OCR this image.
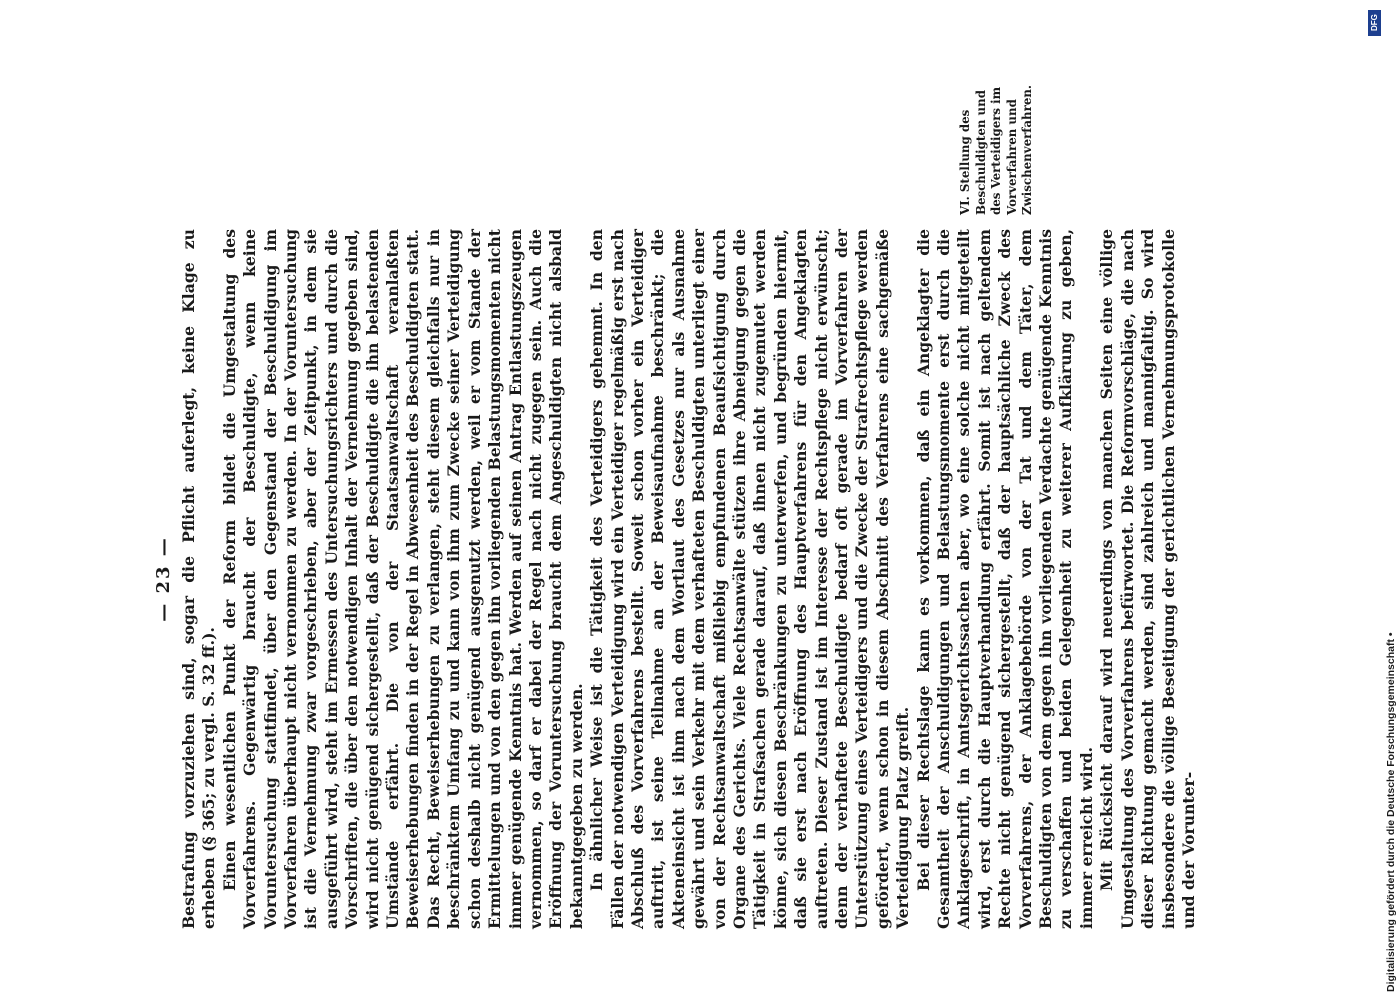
— 23 — Bestrafung vorzuziehen sind, sogar die Pflicht auferlegt, keine Klage zu erheben (§ 365; zu vergl. S. 32 ff.). Einen wesentlichen Punkt der Reform bildet die Umgestaltung des Vorverfahrens. Gegenwärtig braucht der Beschuldigte, wenn keine Voruntersuchung stattfindet, über den Gegenstand der Beschuldigung im Vorverfahren überhaupt nicht vernommen zu werden. In der Voruntersuchung ist die Vernehmung zwar vorgeschrieben, aber der Zeitpunkt, in dem sie ausgeführt wird, steht im Ermessen des Untersuchungsrichters und durch die Vorschriften, die über den notwendigen Inhalt der Vernehmung gegeben sind, wird nicht genügend sichergestellt, daß der Beschuldigte die ihn belastenden Umstände erfährt. Die von der Staatsanwaltschaft veranlaßten Beweiserhebungen finden in der Regel in Abwesenheit des Beschuldigten statt. Das Recht, Beweiserhebungen zu verlangen, steht diesem gleichfalls nur in beschränktem Umfang zu und kann von ihm zum Zwecke seiner Verteidigung schon deshalb nicht genügend ausgenutzt werden, weil er vom Stande der Ermittelungen und von den gegen ihn vorliegenden Belastungsmomenten nicht immer genügende Kenntnis hat. Werden auf seinen Antrag Entlastungszeugen vernommen, so darf er dabei der Regel nach nicht zugegen sein. Auch die Eröffnung der Voruntersuchung braucht dem Angeschuldigten nicht alsbald bekanntgegeben zu werden. In ähnlicher Weise ist die Tätigkeit des Verteidigers gehemmt. In den Fällen der notwendigen Verteidigung wird ein Verteidiger regelmäßig erst nach Abschluß des Vorverfahrens bestellt. Soweit schon vorher ein Verteidiger auftritt, ist seine Teilnahme an der Beweisaufnahme beschränkt; die Akteneinsicht ist ihm nach dem Wortlaut des Gesetzes nur als Ausnahme gewährt und sein Verkehr mit dem verhafteten Beschuldigten unterliegt einer von der Rechtsanwaltschaft mißliebig empfundenen Beaufsichtigung durch Organe des Gerichts. Viele Rechtsanwälte stützen ihre Abneigung gegen die Tätigkeit in Strafsachen gerade darauf, daß ihnen nicht zugemutet werden könne, sich diesen Beschränkungen zu unterwerfen, und begründen hiermit, daß sie erst nach Eröffnung des Hauptverfahrens für den Angeklagten auftreten. Dieser Zustand ist im Interesse der Rechtspflege nicht erwünscht; denn der verhaftete Beschuldigte bedarf oft gerade im Vorverfahren der Unterstützung eines Verteidigers und die Zwecke der Strafrechtspflege werden gefördert, wenn schon in diesem Abschnitt des Verfahrens eine sachgemäße Verteidigung Platz greift. Bei dieser Rechtslage kann es vorkommen, daß ein Angeklagter die Gesamtheit der Anschuldigungen und Belastungsmomente erst durch die Anklageschrift, in Amtsgerichtssachen aber, wo eine solche nicht mitgeteilt wird, erst durch die Hauptverhandlung erfährt. Somit ist nach geltendem Rechte nicht genügend sichergestellt, daß der hauptsächliche Zweck des Vorverfahrens, der Anklagebehörde von der Tat und dem Täter, dem Beschuldigten von dem gegen ihn vorliegenden Verdachte genügende Kenntnis zu verschaffen und beiden Gelegenheit zu weiterer Aufklärung zu geben, immer erreicht wird. Mit Rücksicht darauf wird neuerdings von manchen Seiten eine völlige Umgestaltung des Vorverfahrens befürwortet. Die Reformvorschläge, die nach dieser Richtung gemacht werden, sind zahlreich und mannigfaltig. So wird insbesondere die völlige Beseitigung der gerichtlichen Vernehmungsprotokolle und der Vorunter-

VI. Stellung des Beschuldigten und des Verteidigers im Vorverfahren und Zwischenverfahren.
Digitalisierung gefördert durch die Deutsche Forschungsgemeinschaft •
DFG
